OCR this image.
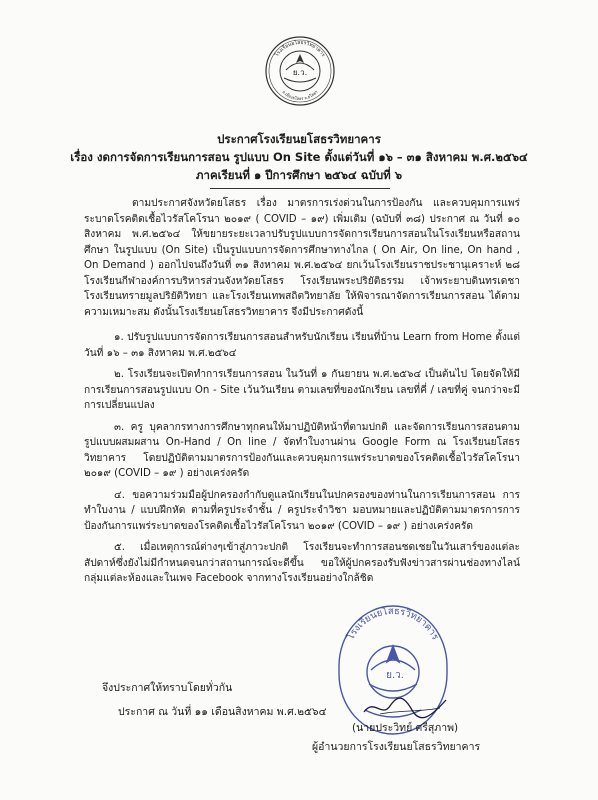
ย.ว.
โรงเรียนยโสธรวิทยาคาร
อ.เมืองยโสธร จ.ยโสธร
ประกาศโรงเรียนยโสธรวิทยาคาร
เรื่อง งดการจัดการเรียนการสอน รูปแบบ On Site ตั้งแต่วันที่ ๑๖ – ๓๑ สิงหาคม พ.ศ.๒๕๖๔
ภาคเรียนที่ ๑ ปีการศึกษา ๒๕๖๔ ฉบับที่ ๖

ตามประกาศจังหวัดยโสธร เรื่อง มาตรการเร่งด่วนในการป้องกัน และควบคุมการแพร่ระบาดโรคติดเชื้อไวรัสโคโรนา ๒๐๑๙ ( COVID – ๑๙) เพิ่มเติม (ฉบับที่ ๓๘) ประกาศ ณ วันที่ ๑๐ สิงหาคม พ.ศ.๒๕๖๔ ให้ขยายระยะเวลาปรับรูปแบบการจัดการเรียนการสอนในโรงเรียนหรือสถานศึกษา ในรูปแบบ (On Site) เป็นรูปแบบการจัดการศึกษาทางไกล ( On Air, On line, On hand , On Demand ) ออกไปจนถึงวันที่ ๓๑ สิงหาคม พ.ศ.๒๕๖๔ ยกเว้นโรงเรียนราชประชานุเคราะห์ ๒๘ โรงเรียนกีฬาองค์การบริหารส่วนจังหวัดยโสธร โรงเรียนพระปริยัติธรรม เจ้าพระยาบดินทรเดชา โรงเรียนทรายมูลปริยัติวิทยา และโรงเรียนเทพสถิตวิทยาลัย ให้พิจารณาจัดการเรียนการสอน ได้ตามความเหมาะสม ดังนั้นโรงเรียนยโสธรวิทยาคาร จึงมีประกาศดังนี้

๑. ปรับรูปแบบการจัดการเรียนการสอนสำหรับนักเรียน เรียนที่บ้าน Learn from Home ตั้งแต่วันที่ ๑๖ – ๓๑ สิงหาคม พ.ศ.๒๕๖๔

๒. โรงเรียนจะเปิดทำการเรียนการสอน ในวันที่ ๑ กันยายน พ.ศ.๒๕๖๔ เป็นต้นไป โดยจัดให้มีการเรียนการสอนรูปแบบ On - Site เว้นวันเรียน ตามเลขที่ของนักเรียน เลขที่คี่ / เลขที่คู่ จนกว่าจะมีการเปลี่ยนแปลง

๓. ครู บุคลากรทางการศึกษาทุกคนให้มาปฏิบัติหน้าที่ตามปกติ และจัดการเรียนการสอนตามรูปแบบผสมผสาน On-Hand / On line / จัดทำใบงานผ่าน Google Form ณ โรงเรียนยโสธรวิทยาคาร โดยปฏิบัติตามมาตรการป้องกันและควบคุมการแพร่ระบาดของโรคติดเชื้อไวรัสโคโรนา ๒๐๑๙ (COVID – ๑๙ ) อย่างเคร่งครัด

๔. ขอความร่วมมือผู้ปกครองกำกับดูแลนักเรียนในปกครองของท่านในการเรียนการสอน การทำใบงาน / แบบฝึกหัด ตามที่ครูประจำชั้น / ครูประจำวิชา มอบหมายและปฏิบัติตามมาตรการการป้องกันการแพร่ระบาดของโรคติดเชื้อไวรัสโคโรนา ๒๐๑๙ (COVID – ๑๙ ) อย่างเคร่งครัด

๕. เมื่อเหตุการณ์ต่างๆเข้าสู่ภาวะปกติ โรงเรียนจะทำการสอนชดเชยในวันเสาร์ของแต่ละสัปดาห์ซึ่งยังไม่มีกำหนดจนกว่าสถานการณ์จะดีขึ้น ขอให้ผู้ปกครองรับฟังข่าวสารผ่านช่องทางไลน์กลุ่มแต่ละห้องและในเพจ Facebook จากทางโรงเรียนอย่างใกล้ชิด

จึงประกาศให้ทราบโดยทั่วกัน
ประกาศ ณ วันที่ ๑๑ เดือนสิงหาคม พ.ศ.๒๕๖๔
โรงเรียนยโสธรวิทยาคาร
ย.ว.
(นายประวิทย์ ศรีสุภาพ)
ผู้อำนวยการโรงเรียนยโสธรวิทยาคาร
